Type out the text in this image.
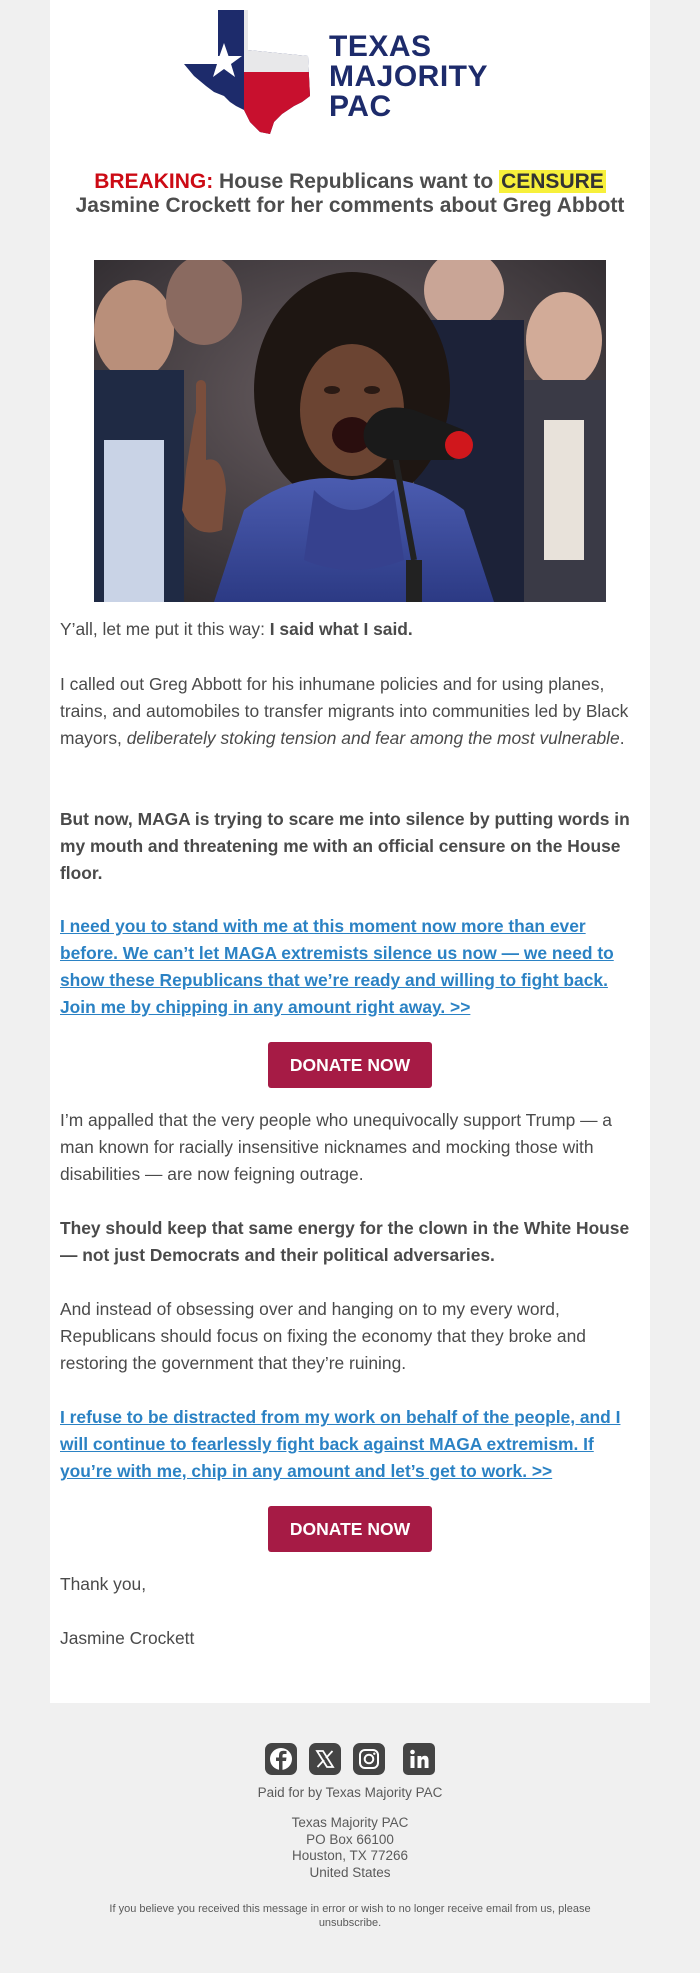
TEXAS
MAJORITY
PAC
BREAKING: House Republicans want to CENSURE Jasmine Crockett for her comments about Greg Abbott
Y’all, let me put it this way: I said what I said.
I called out Greg Abbott for his inhumane policies and for using planes, trains, and automobiles to transfer migrants into communities led by Black mayors, deliberately stoking tension and fear among the most vulnerable.
But now, MAGA is trying to scare me into silence by putting words in my mouth and threatening me with an official censure on the House floor.
I need you to stand with me at this moment now more than ever before. We can’t let MAGA extremists silence us now — we need to show these Republicans that we’re ready and willing to fight back. Join me by chipping in any amount right away. >>
DONATE NOW
I’m appalled that the very people who unequivocally support Trump — a man known for racially insensitive nicknames and mocking those with disabilities — are now feigning outrage.
They should keep that same energy for the clown in the White House — not just Democrats and their political adversaries.
And instead of obsessing over and hanging on to my every word, Republicans should focus on fixing the economy that they broke and restoring the government that they’re ruining.
I refuse to be distracted from my work on behalf of the people, and I will continue to fearlessly fight back against MAGA extremism. If you’re with me, chip in any amount and let’s get to work. >>
DONATE NOW
Thank you,
Jasmine Crockett
Paid for by Texas Majority PAC
Texas Majority PAC
PO Box 66100
Houston, TX 77266
United States
If you believe you received this message in error or wish to no longer receive email from us, please unsubscribe.
